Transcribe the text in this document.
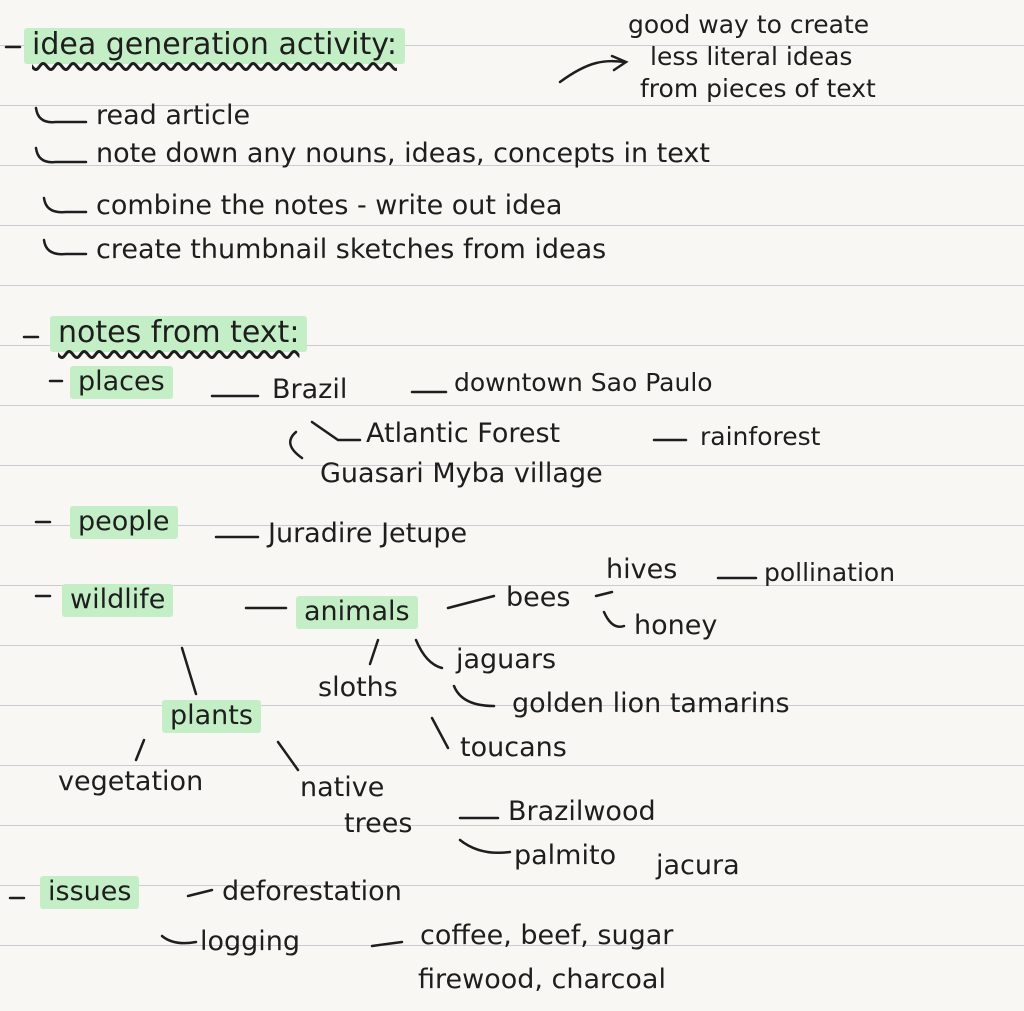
idea generation activity:
good way to create
less literal ideas
from pieces of text
read article
note down any nouns, ideas, concepts in text
combine the notes - write out idea
create thumbnail sketches from ideas
notes from text:
places	Brazil	downtown Sao Paulo
Atlantic Forest	rainforest
Guasari Myba village
people	Juradire Jetupe
wildlife	animals	bees
hives	pollination
honey
jaguars
sloths
golden lion tamarins
toucans
plants
vegetation	native
trees	Brazilwood
palmito jacura
issues	deforestation
logging	coffee, beef, sugar
firewood, charcoal
